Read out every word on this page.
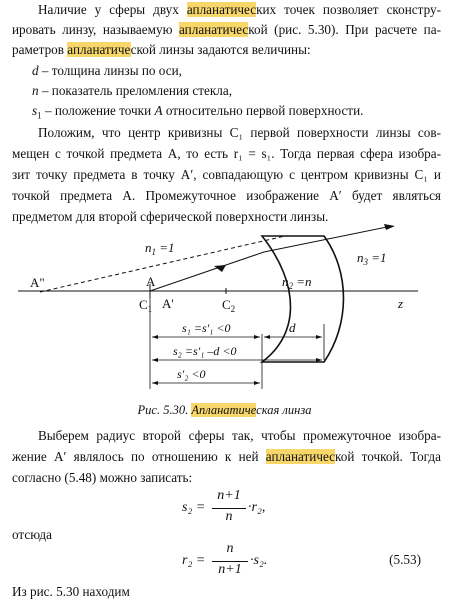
Наличие у сферы двух апланатических точек позволяет сконстру-
ировать линзу, называемую апланатической (рис. 5.30). При расчете па-
раметров апланатической линзы задаются величины:
d – толщина линзы по оси,
n – показатель преломления стекла,
$s_1$ – положение точки A относительно первой поверхности.
Положим, что центр кривизны C₁ первой поверхности линзы сов-
мещен с точкой предмета A, то есть r₁ = s₁. Тогда первая сфера изобра-
зит точку предмета в точку A′, совпадающую с центром кривизны C₁ и
точкой предмета A. Промежуточное изображение A′ будет являться
предметом для второй сферической поверхности линзы.
$n_1 =1$
$n_2 =n$
$n_3 =1$
A"	A
$C_1$ A'	$C_2$	z
s₁ =s'₁ <0	d
s₂ =s'₁ –d <0
s'₂ <0
Рис. 5.30. Апланатическая линза
Выберем радиус второй сферы так, чтобы промежуточное изобра-
жение A′ являлось по отношению к ней апланатической точкой. Тогда
согласно (5.48) можно записать:
s₂ =
n+1
n
·r₂,
отсюда
r₂ =
n
n+1
·s₂.	(5.53)
Из рис. 5.30 находим
